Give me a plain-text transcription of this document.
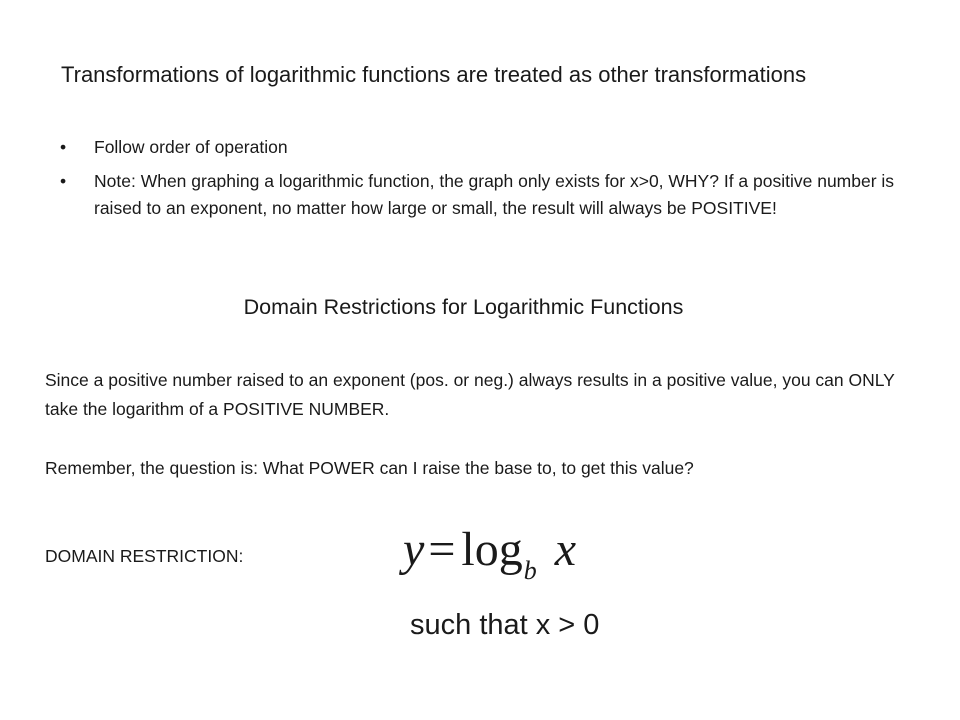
Transformations of logarithmic functions are treated as other transformations
• Follow order of operation
• Note: When graphing a logarithmic function, the graph only exists for x>0, WHY? If a positive number is raised to an exponent, no matter how large or small, the result will always be POSITIVE!
Domain Restrictions for Logarithmic Functions

Since a positive number raised to an exponent (pos. or neg.) always results in a positive value, you can ONLY take the logarithm of a POSITIVE NUMBER.

Remember, the question is: What POWER can I raise the base to, to get this value?

DOMAIN RESTRICTION:	$y= \log_b x$

such that x > 0
